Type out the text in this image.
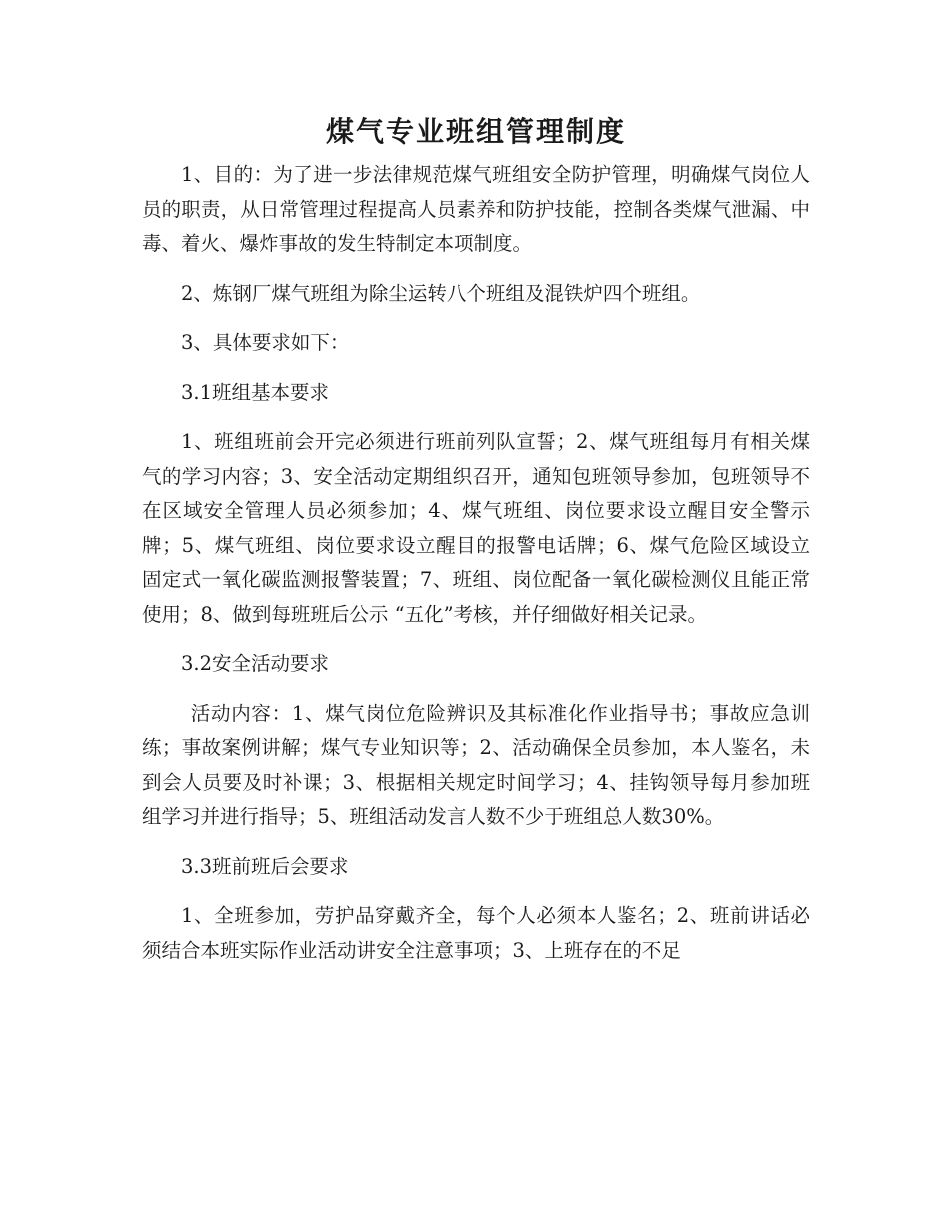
煤气专业班组管理制度

1、目的：为了进一步法律规范煤气班组安全防护管理，明确煤气岗位人员的职责，从日常管理过程提高人员素养和防护技能，控制各类煤气泄漏、中毒、着火、爆炸事故的发生特制定本项制度。

2、炼钢厂煤气班组为除尘运转八个班组及混铁炉四个班组。

3、具体要求如下：

3.1班组基本要求

1、班组班前会开完必须进行班前列队宣誓；2、煤气班组每月有相关煤气的学习内容；3、安全活动定期组织召开，通知包班领导参加，包班领导不在区域安全管理人员必须参加；4、煤气班组、岗位要求设立醒目安全警示牌；5、煤气班组、岗位要求设立醒目的报警电话牌；6、煤气危险区域设立固定式一氧化碳监测报警装置；7、班组、岗位配备一氧化碳检测仪且能正常使用；8、做到每班班后公示 “五化”考核，并仔细做好相关记录。

3.2安全活动要求

活动内容：1、煤气岗位危险辨识及其标准化作业指导书；事故应急训练；事故案例讲解；煤气专业知识等；2、活动确保全员参加，本人鉴名，未到会人员要及时补课；3、根据相关规定时间学习；4、挂钩领导每月参加班组学习并进行指导；5、班组活动发言人数不少于班组总人数30%。

3.3班前班后会要求

1、全班参加，劳护品穿戴齐全，每个人必须本人鉴名；2、班前讲话必须结合本班实际作业活动讲安全注意事项；3、上班存在的不足
